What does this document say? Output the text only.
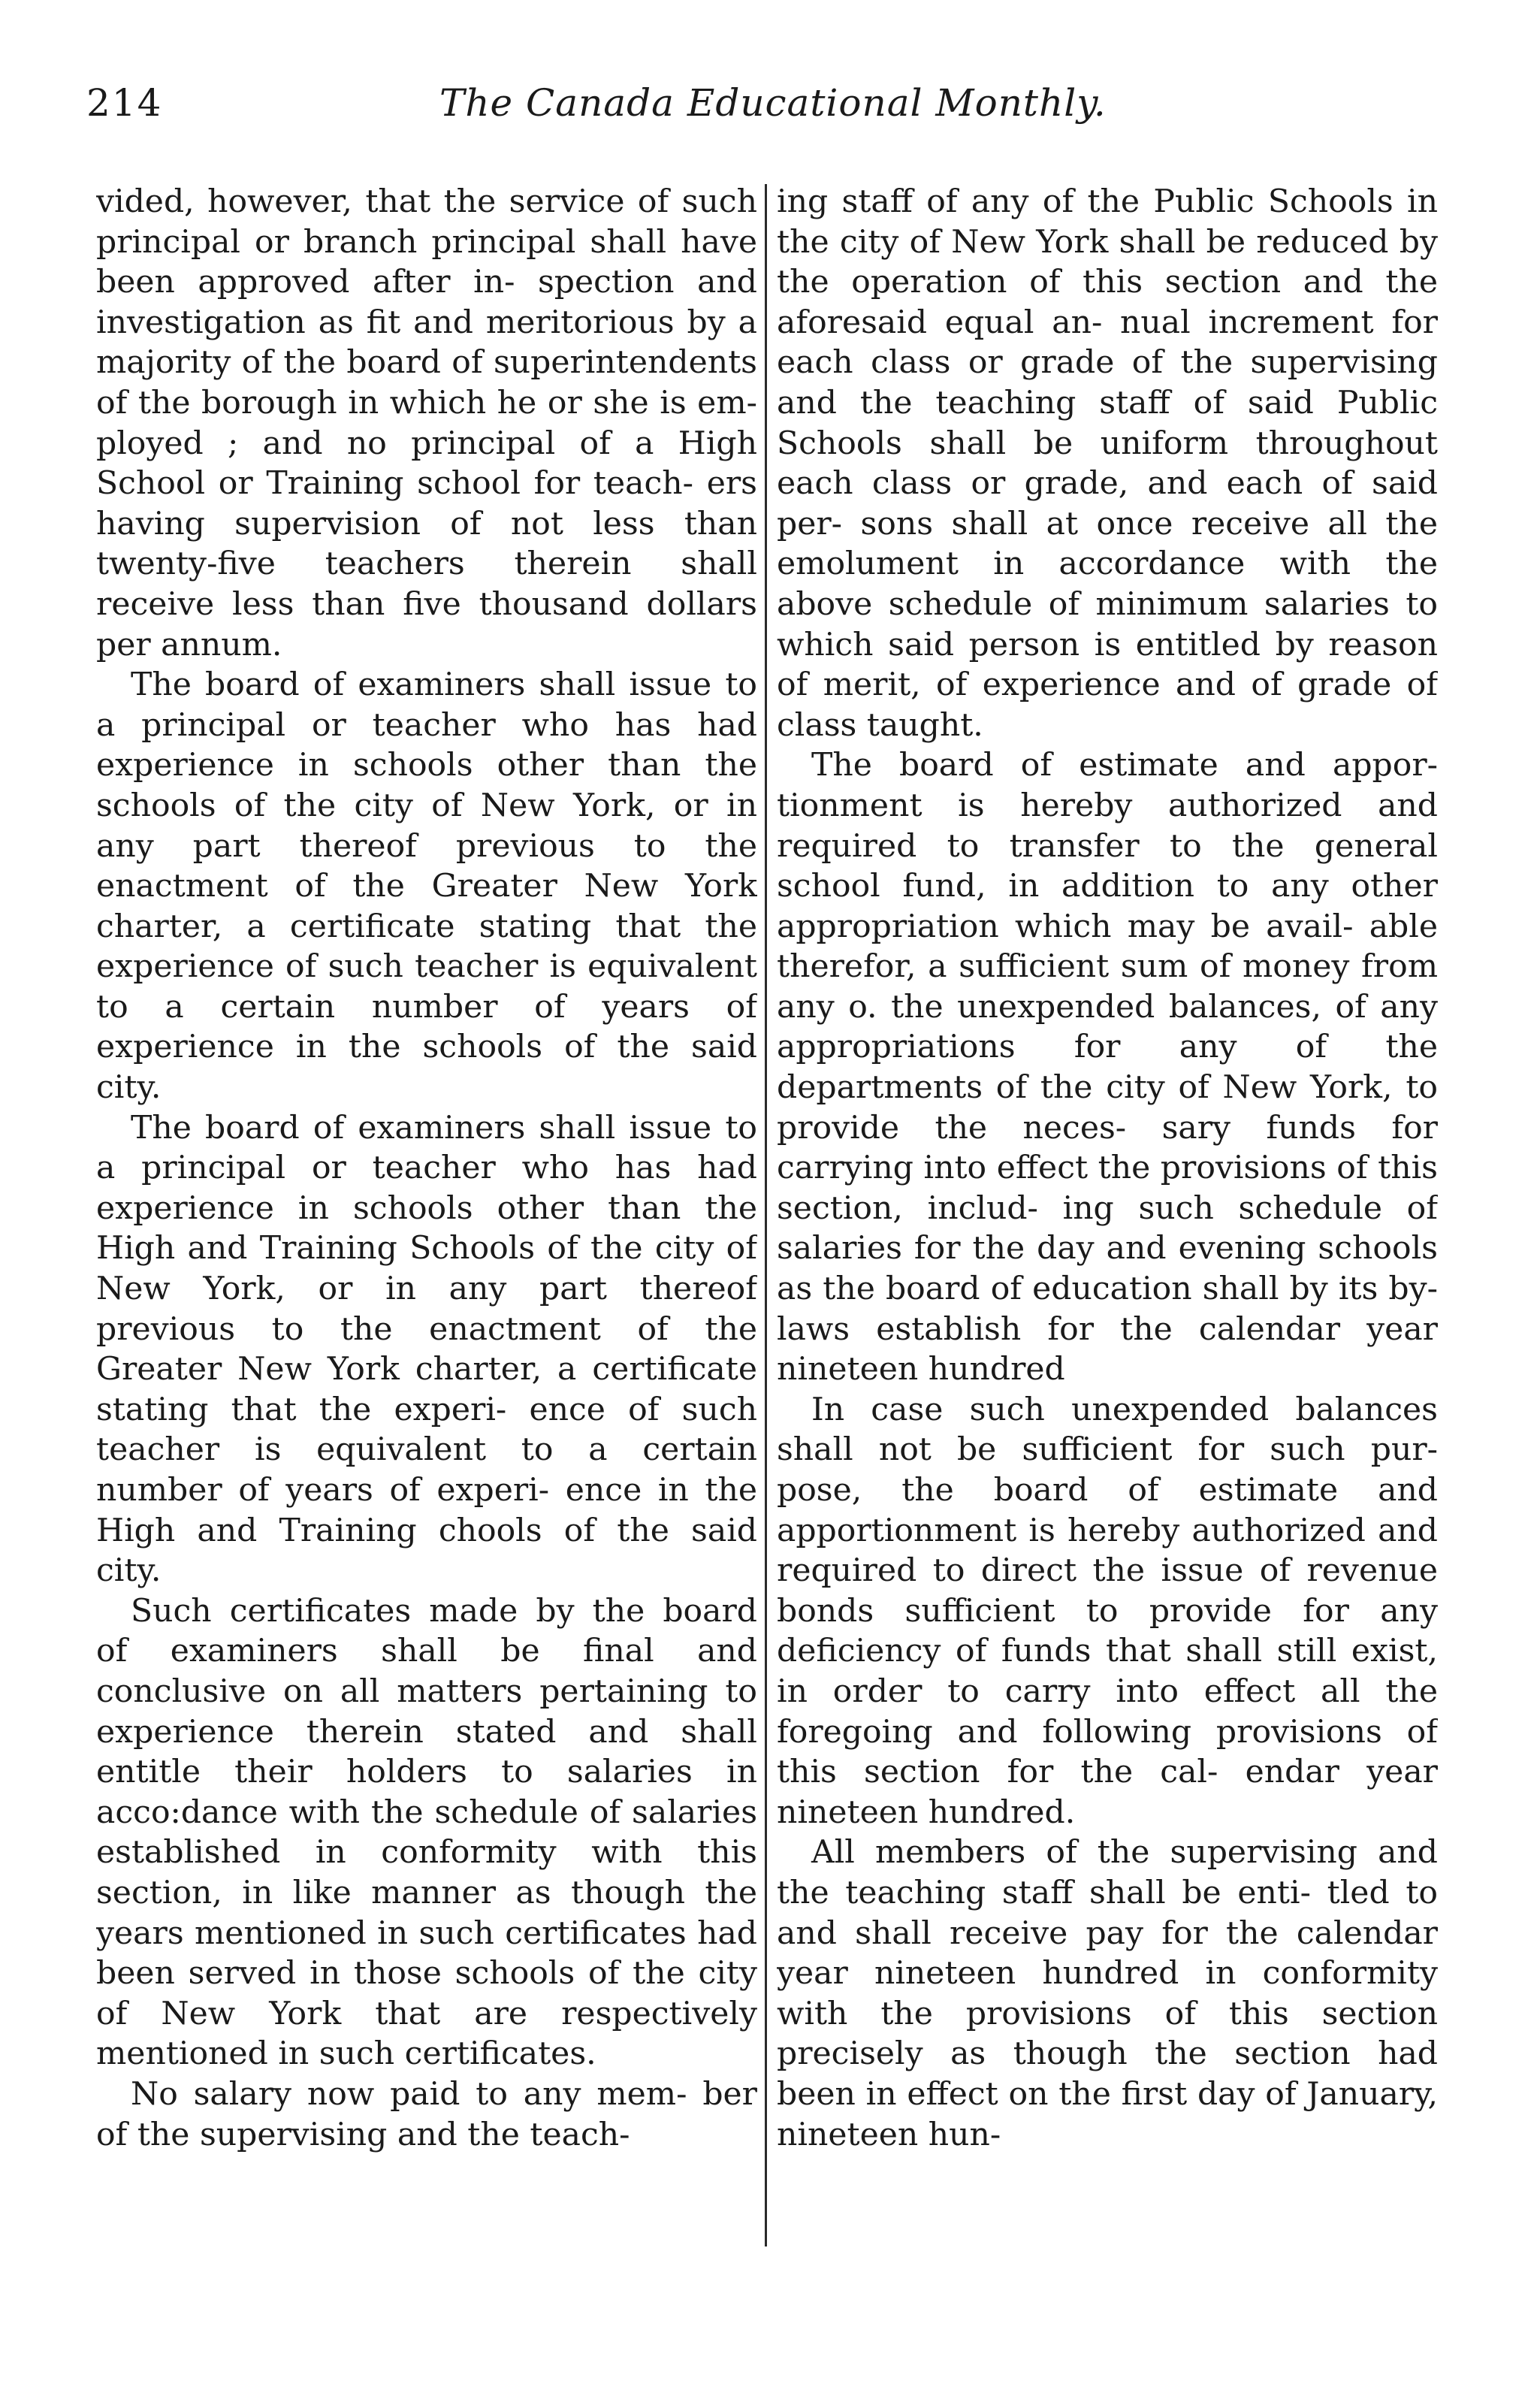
214	The Canada Educational Monthly.

vided, however, that the service of such principal or branch principal shall have been approved after in- spection and investigation as fit and meritorious by a majority of the board of superintendents of the borough in which he or she is em- ployed ; and no principal of a High School or Training school for teach- ers having supervision of not less than twenty-five teachers therein shall receive less than five thousand dollars per annum.

The board of examiners shall issue to a principal or teacher who has had experience in schools other than the schools of the city of New York, or in any part thereof previous to the enactment of the Greater New York charter, a certificate stating that the experience of such teacher is equivalent to a certain number of years of experience in the schools of the said city.

The board of examiners shall issue to a principal or teacher who has had experience in schools other than the High and Training Schools of the city of New York, or in any part thereof previous to the enactment of the Greater New York charter, a certificate stating that the experi- ence of such teacher is equivalent to a certain number of years of experi- ence in the High and Training chools of the said city.

Such certificates made by the board of examiners shall be final and conclusive on all matters pertaining to experience therein stated and shall entitle their holders to salaries in acco:dance with the schedule of salaries established in conformity with this section, in like manner as though the years mentioned in such certificates had been served in those schools of the city of New York that are respectively mentioned in such certificates.

No salary now paid to any mem- ber of the supervising and the teach-

ing staff of any of the Public Schools in the city of New York shall be reduced by the operation of this section and the aforesaid equal an- nual increment for each class or grade of the supervising and the teaching staff of said Public Schools shall be uniform throughout each class or grade, and each of said per- sons shall at once receive all the emolument in accordance with the above schedule of minimum salaries to which said person is entitled by reason of merit, of experience and of grade of class taught.

The board of estimate and appor- tionment is hereby authorized and required to transfer to the general school fund, in addition to any other appropriation which may be avail- able therefor, a sufficient sum of money from any o. the unexpended balances, of any appropriations for any of the departments of the city of New York, to provide the neces- sary funds for carrying into effect the provisions of this section, includ- ing such schedule of salaries for the day and evening schools as the board of education shall by its by- laws establish for the calendar year nineteen hundred

In case such unexpended balances shall not be sufficient for such pur- pose, the board of estimate and apportionment is hereby authorized and required to direct the issue of revenue bonds sufficient to provide for any deficiency of funds that shall still exist, in order to carry into effect all the foregoing and following provisions of this section for the cal- endar year nineteen hundred.

All members of the supervising and the teaching staff shall be enti- tled to and shall receive pay for the calendar year nineteen hundred in conformity with the provisions of this section precisely as though the section had been in effect on the first day of January, nineteen hun-
